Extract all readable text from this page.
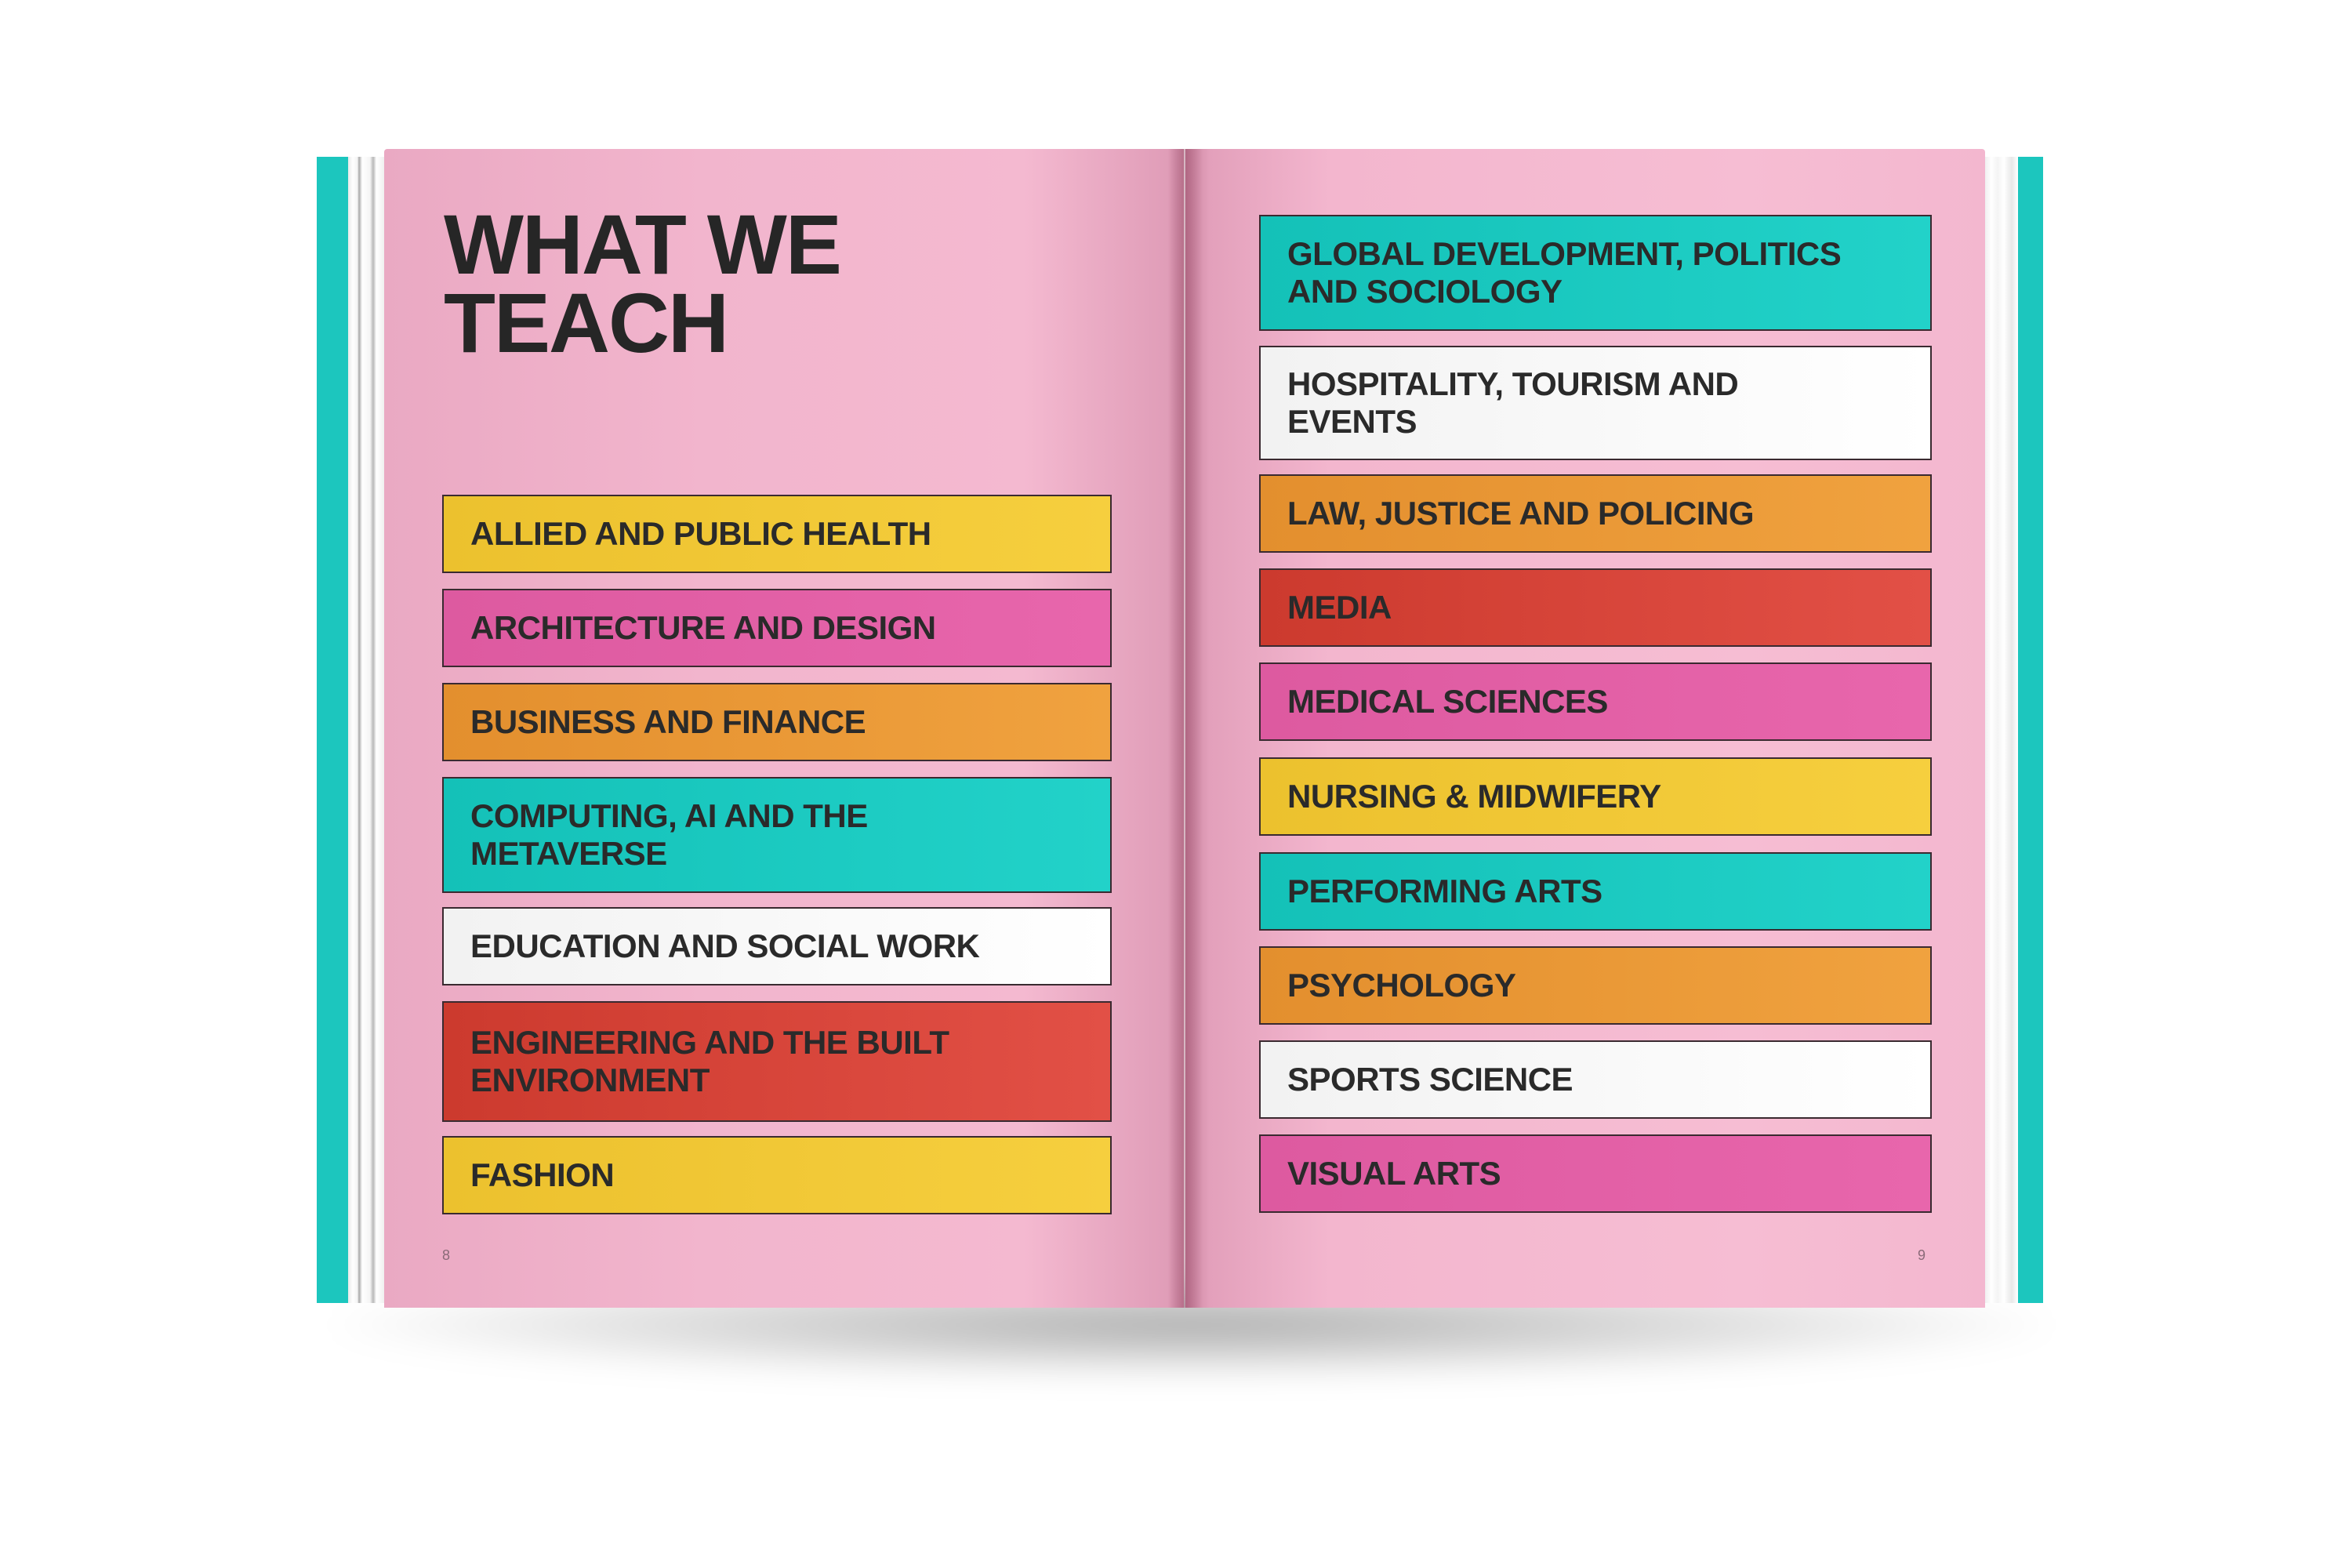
WHAT WE
TEACH
ALLIED AND PUBLIC HEALTH
ARCHITECTURE AND DESIGN
BUSINESS AND FINANCE
COMPUTING, AI AND THE METAVERSE
EDUCATION AND SOCIAL WORK
ENGINEERING AND THE BUILT ENVIRONMENT
FASHION
8
GLOBAL DEVELOPMENT, POLITICS AND SOCIOLOGY
HOSPITALITY, TOURISM AND EVENTS
LAW, JUSTICE AND POLICING
MEDIA
MEDICAL SCIENCES
NURSING & MIDWIFERY
PERFORMING ARTS
PSYCHOLOGY
SPORTS SCIENCE
VISUAL ARTS
9
